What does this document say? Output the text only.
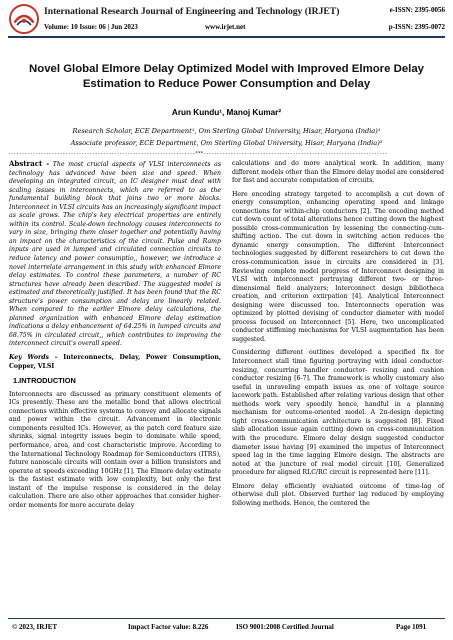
International Research Journal of Engineering and Technology (IRJET)	e-ISSN: 2395-0056
Volume: 10 Issue: 06 | Jun 2023	www.irjet.net	p-ISSN: 2395-0072
Novel Global Elmore Delay Optimized Model with Improved Elmore Delay Estimation to Reduce Power Consumption and Delay
Arun Kundu¹, Manoj Kumar²
Research Scholar, ECE Department¹, Om Sterling Global University, Hisar, Haryana (India)¹
Associate professor, ECE Department, Om Sterling Global University, Hisar, Haryana (India)²
---------------------------------------------------------------------***--------------------------------------------------------------------

Abstract - The most crucial aspects of VLSI interconnects as technology has advanced have been size and speed. When developing an integrated circuit, an IC designer must deal with scaling issues in interconnects, which are referred to as the fundamental building block that joins two or more blocks. Interconnect in VLSI circuits has an increasingly significant impact as scale grows. The chip's key electrical properties are entirely within its control. Scale-down technology causes interconnects to vary in size, bringing them closer together and potentially having an impact on the characteristics of the circuit. Pulse and Ramp inputs are used in lumped and circulated connection circuits to reduce latency and power consumptio,, however, we introduce a novel interrelate arrangement in this study with enhanced Elmore delay estimates. To control these parameters, a number of RC structures have already been described. The suggested model is estimated and theoretically justified. It has been found that the RC structure's power consumption and delay are linearly related. When compared to the earlier Elmore delay calculations, the planned organization with enhanced Elmore delay estimation indications a delay enhancement of 64.25% in lumped circuits and 68.75% in circulated circuit,, which contributes to improving the interconnect circuit's overall speed.

Key Words – Interconnects, Delay, Power Consumption, Copper, VLSI

1.INTRODUCTION

Interconnects are discussed as primary constituent elements of ICs presently. These are the metallic bond that allows electrical connections within effective systems to convey and allocate signals and power within the circuit. Advancement in electronic components resulted ICs. However, as the patch cord feature size shrinks, signal integrity issues begin to dominate while speed, performance, area, and cost characteristic improve. According to the International Technology Roadmap for Semiconductors (ITRS), future nanoscale circuits will contain over a billion transistors and operate at speeds exceeding 10GHz [1]. The Elmore delay estimate is the fastest estimate with low complexity, but only the first instant of the impulse response is considered in the delay calculation. There are also other approaches that consider higher-order moments for more accurate delay

calculations and do more analytical work. In addition, many different models other than the Elmore delay model are considered for fast and accurate computation of circuits.

Here encoding strategy targeted to accomplish a cut down of energy consumption, enhancing operating speed and linkage connections for within-chip conductors [2]. The encoding method cut down count of total alterations hence cutting down the highest possible cross-communication by lessening the connecting-cum-shifting action. The cut down in switching action reduces the dynamic energy consumption. The different Interconnect technologies suggested by different researchers to cut down the cross-communication issue in circuits are considered in [3]. Reviewing complete model progress of Interconnect designing in VLSI with interconnect portraying different two- or three-dimensional field analyzers; Interconnect design bibliotheca creation, and criterion extirpation [4]. Analytical Interconnect designing were discussed too. Interconnects operation was optimized by plotted devising of conductor diameter with model process focused on Interconnect [5]. Here, two uncomplicated conductor stiffening mechanisms for VLSI augmentation has been suggested.

Considering different outlines developed a specified fix for Interconnect stall time figuring portraying with ideal conductor-resizing, concurring handler conductor- resizing and cushion conductor resizing [6-7]. The framework is wholly customary also useful in unraveling empath issues as one of voltage source lacework path. Established after relating various design that other methods work very speedily hence, handful in a planning mechanism for outcome-oriented model. A 2π-design depicting tight cross-communication architecture is suggested [8]. Fixed slab allocation issue again cutting down on cross-communication with the procedure. Elmore delay design suggested conductor diameter issue having [9] examined the impetus of Interconnect speed lag in the time lagging Elmore design. The abstracts are noted at the juncture of real model circuit [10]. Generalized procedure for aligned RLC/RC circuit is represented here [11].

Elmore delay efficiently evaluated outcome of time-lag of otherwise dull plot. Observed further lag reduced by employing following methods. Hence, the centered the

© 2023, IRJET	Impact Factor value: 8.226	ISO 9001:2008 Certified Journal	Page 1091
